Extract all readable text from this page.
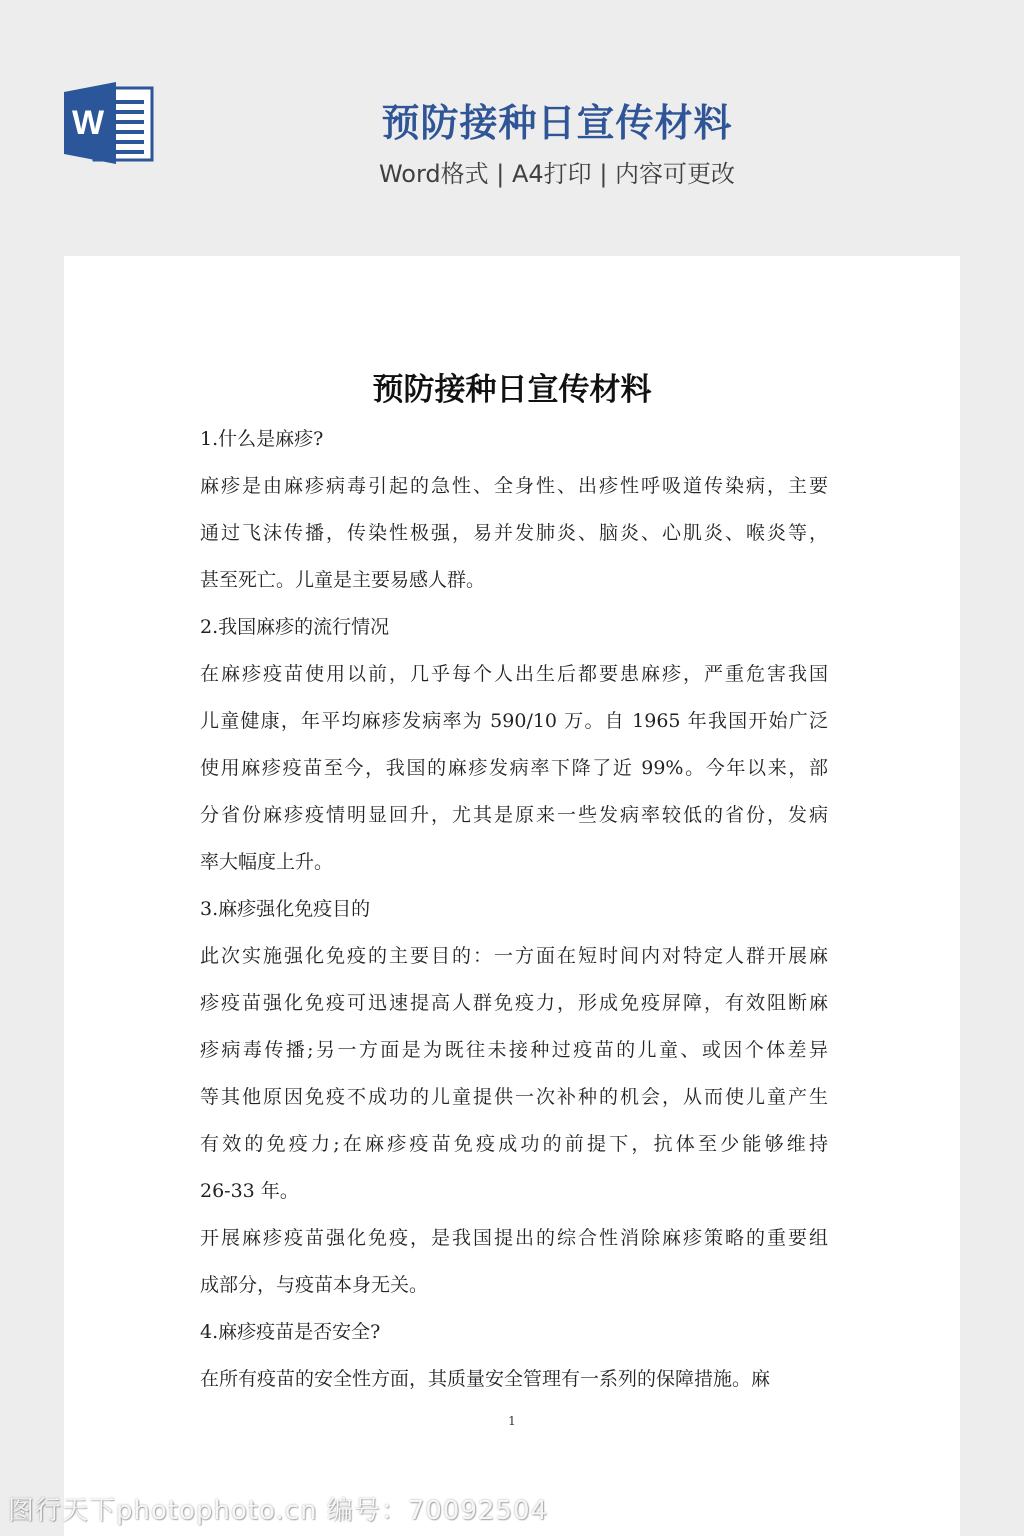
W	预防接种日宣传材料
Word格式 | A4打印 | 内容可更改
预防接种日宣传材料
1.什么是麻疹?
麻疹是由麻疹病毒引起的急性、全身性、出疹性呼吸道传染病，主要
通过飞沫传播，传染性极强，易并发肺炎、脑炎、心肌炎、喉炎等，
甚至死亡。儿童是主要易感人群。
2.我国麻疹的流行情况
在麻疹疫苗使用以前，几乎每个人出生后都要患麻疹，严重危害我国
儿童健康，年平均麻疹发病率为 590/10 万。自 1965 年我国开始广泛
使用麻疹疫苗至今，我国的麻疹发病率下降了近 99%。今年以来，部
分省份麻疹疫情明显回升，尤其是原来一些发病率较低的省份，发病
率大幅度上升。
3.麻疹强化免疫目的
此次实施强化免疫的主要目的：一方面在短时间内对特定人群开展麻
疹疫苗强化免疫可迅速提高人群免疫力，形成免疫屏障，有效阻断麻
疹病毒传播;另一方面是为既往未接种过疫苗的儿童、或因个体差异
等其他原因免疫不成功的儿童提供一次补种的机会，从而使儿童产生
有效的免疫力;在麻疹疫苗免疫成功的前提下，抗体至少能够维持
26-33 年。
开展麻疹疫苗强化免疫，是我国提出的综合性消除麻疹策略的重要组
成部分，与疫苗本身无关。
4.麻疹疫苗是否安全?
在所有疫苗的安全性方面，其质量安全管理有一系列的保障措施。麻
1
图行天下photophoto.cn 编号：70092504
